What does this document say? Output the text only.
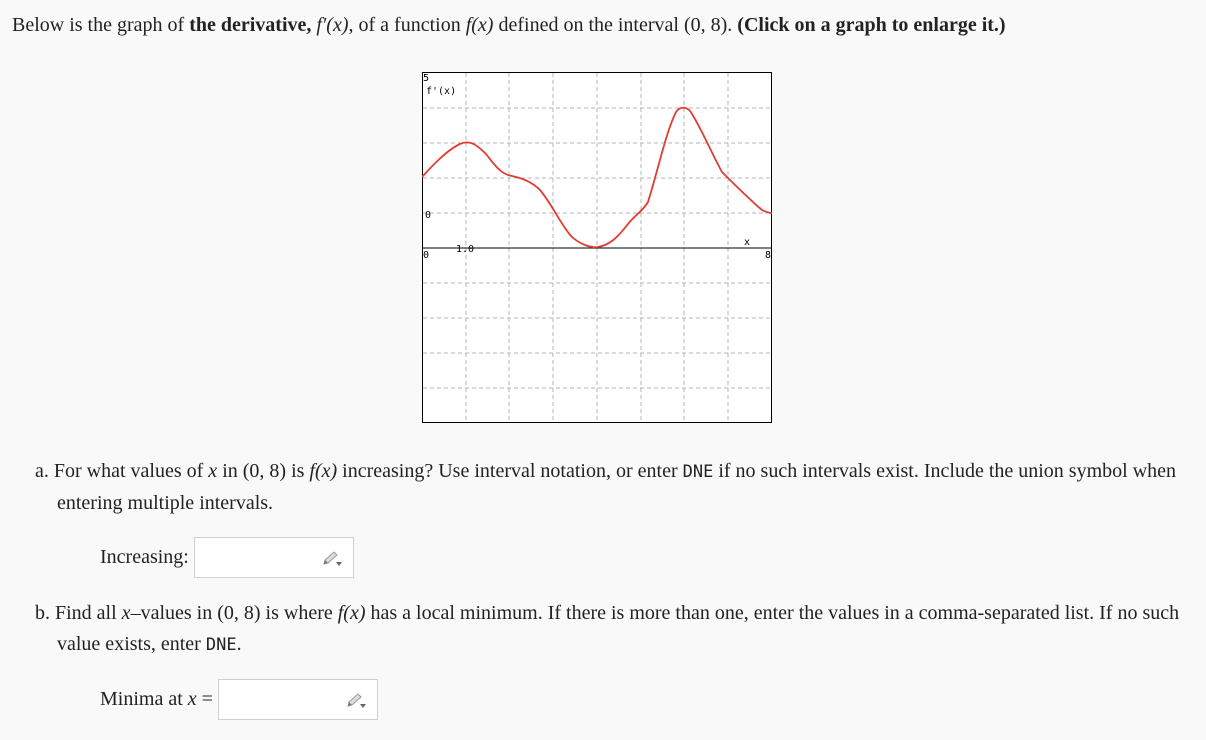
Below is the graph of the derivative, f′(x), of a function f(x) defined on the interval (0, 8). (Click on a graph to enlarge it.)
5
f'(x)
0
0
1.0
x
8
a. For what values of x in (0, 8) is f(x) increasing? Use interval notation, or enter DNE if no such intervals exist. Include the union symbol when entering multiple intervals.
Increasing:
b. Find all x–values in (0, 8) is where f(x) has a local minimum. If there is more than one, enter the values in a comma-separated list. If no such value exists, enter DNE.
Minima at x =
